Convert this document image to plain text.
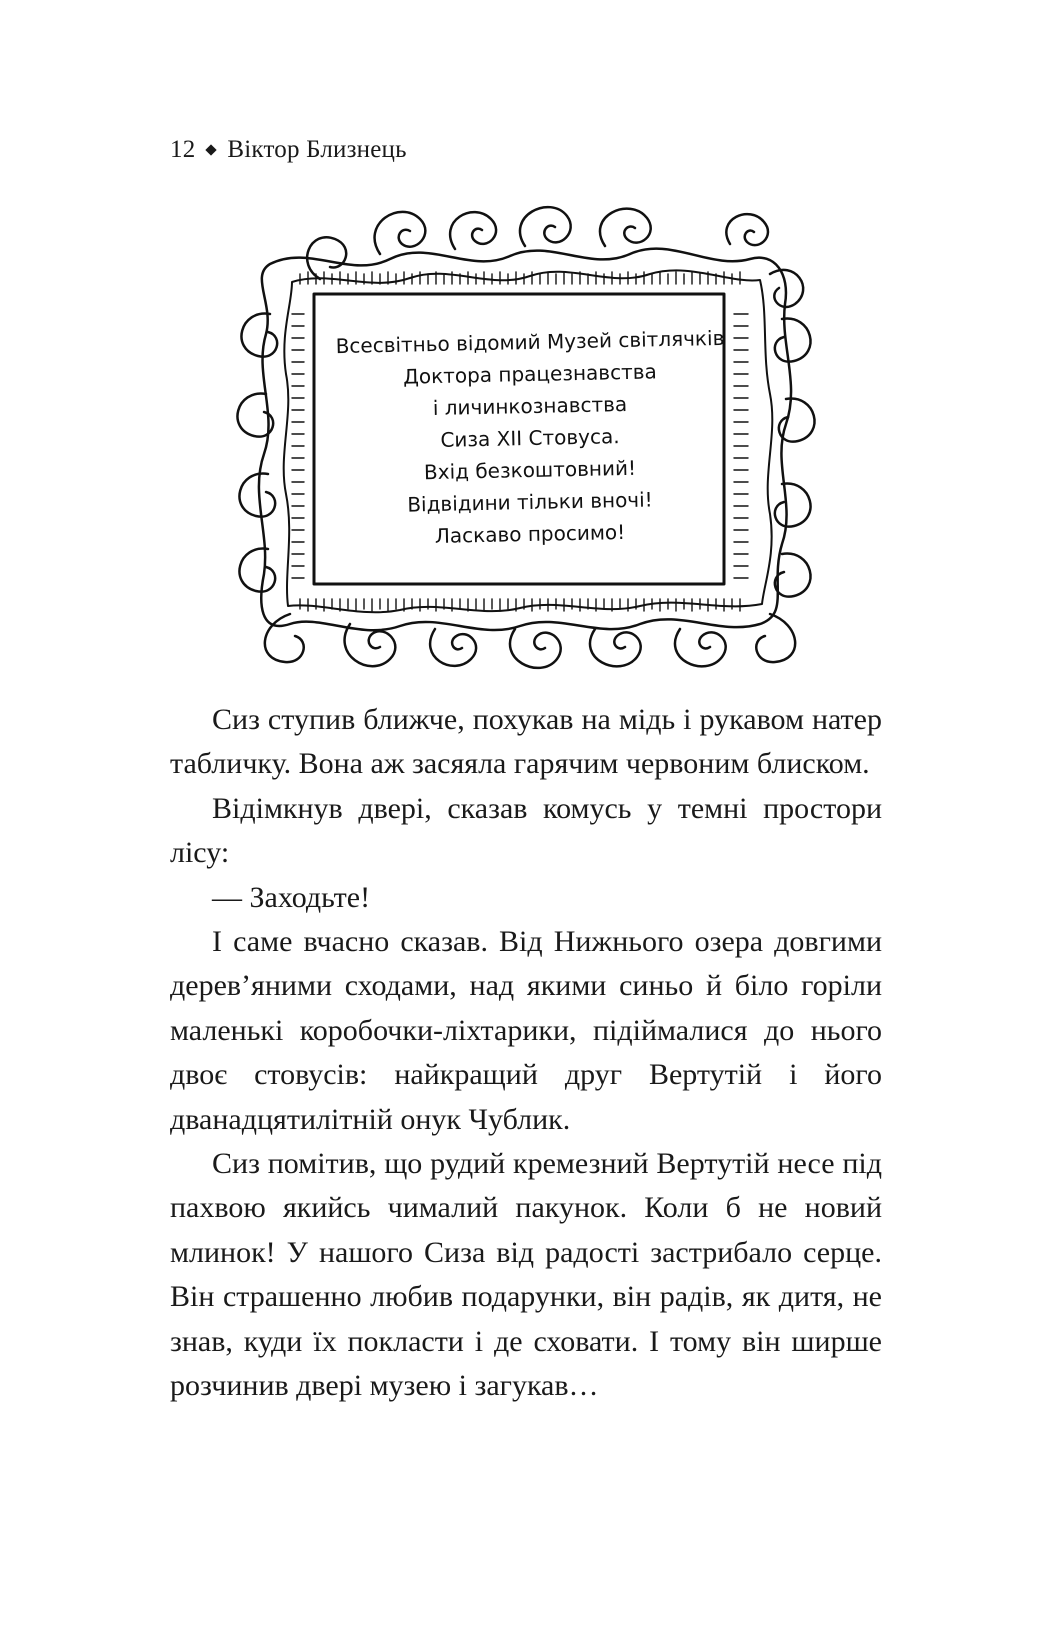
12 Віктор Близнець
Всесвітньо відомий Музей світлячків
Доктора працезнавства
і личинкознавства
Сиза XII Стовуса.
Вхід безкоштовний!
Відвідини тільки вночі!
Ласкаво просимо!

Сиз ступив ближче, похукав на мідь і рукавом натер табличку. Вона аж засяяла гарячим червоним блиском.

Відімкнув двері, сказав комусь у темні простори лісу:

— Заходьте!

І саме вчасно сказав. Від Нижнього озера довгими дерев’яними сходами, над якими синьо й біло горіли маленькі коробочки-ліхтарики, підіймалися до нього двоє стовусів: найкращий друг Вертутій і його дванадцятилітній онук Чублик.

Сиз помітив, що рудий кремезний Вертутій несе під пахвою якийсь чималий пакунок. Коли б не новий млинок! У нашого Сиза від радості застрибало серце. Він страшенно любив подарунки, він радів, як дитя, не знав, куди їх покласти і де сховати. І тому він ширше розчинив двері музею і загукав…
